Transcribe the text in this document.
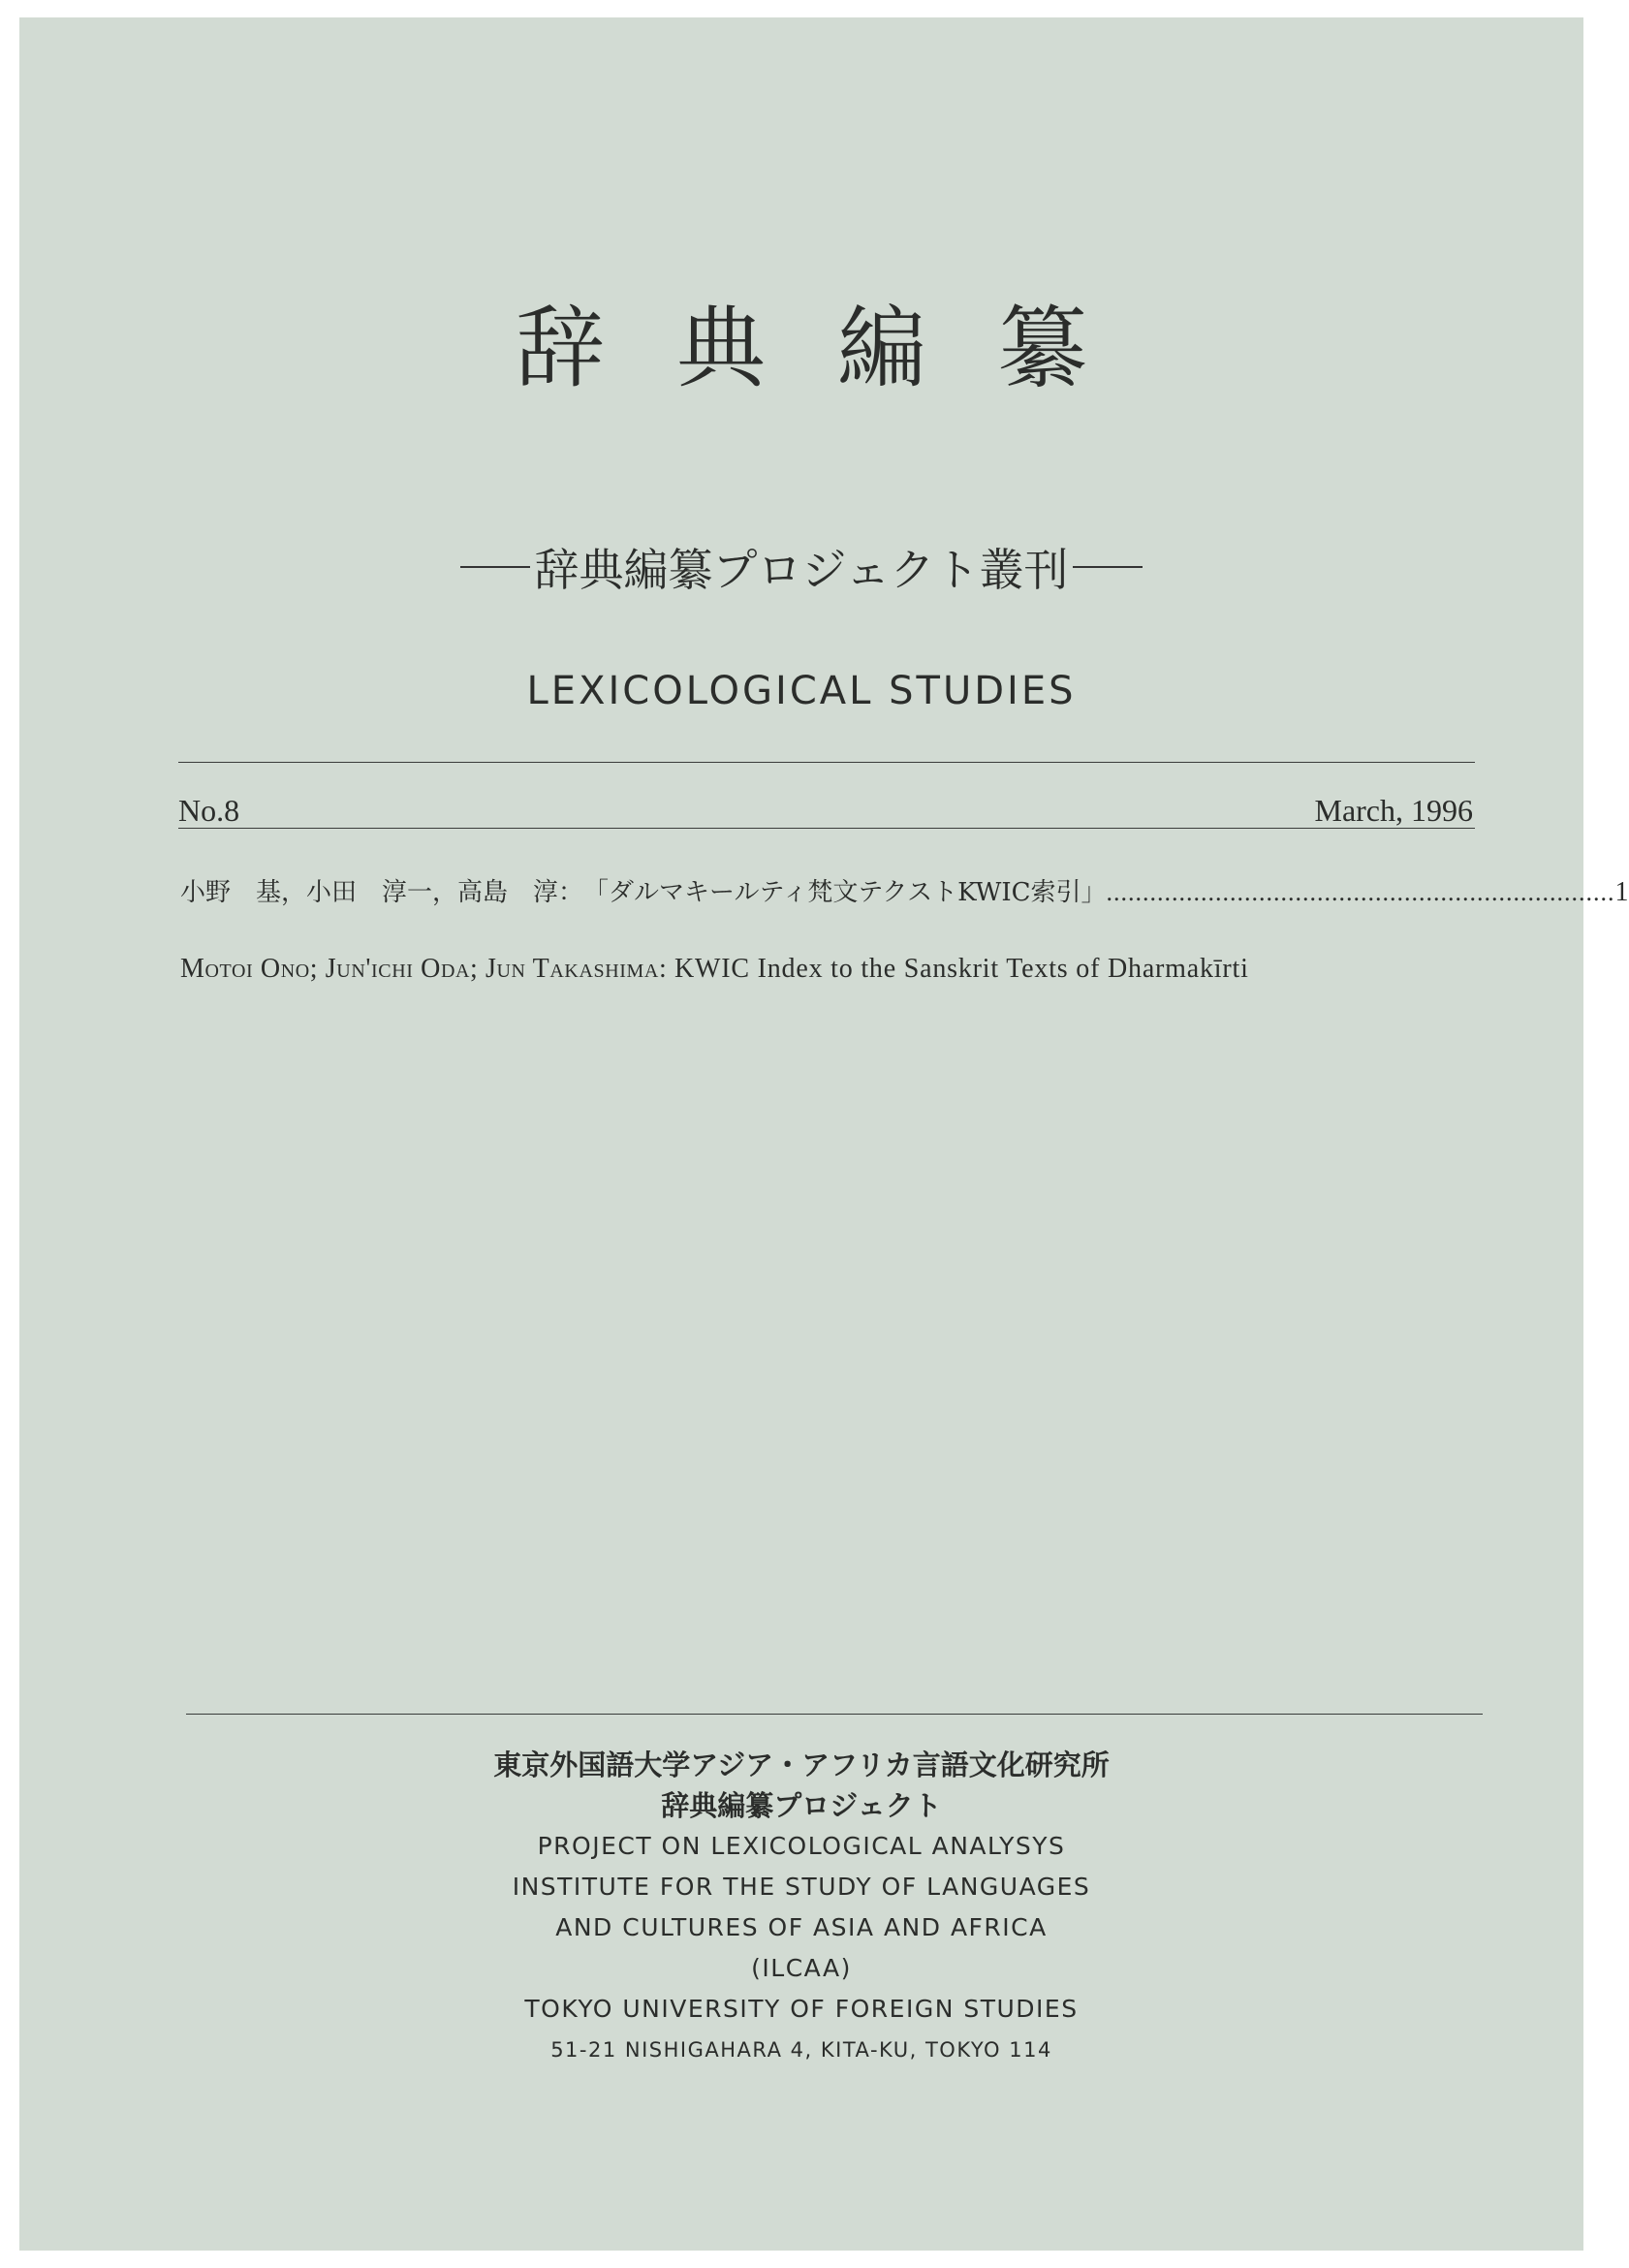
辞典編纂
辞典編纂プロジェクト叢刊
LEXICOLOGICAL STUDIES
No.8	March, 1996
小野　基，小田　淳一，高島　淳： 「ダルマキールティ梵文テクストKWIC索引」 ...................................................................... 1
Motoi Ono; Jun'ichi Oda; Jun Takashima: KWIC Index to the Sanskrit Texts of Dharmakīrti
東京外国語大学アジア・アフリカ言語文化研究所
辞典編纂プロジェクト
PROJECT ON LEXICOLOGICAL ANALYSYS
INSTITUTE FOR THE STUDY OF LANGUAGES
AND CULTURES OF ASIA AND AFRICA
(ILCAA)
TOKYO UNIVERSITY OF FOREIGN STUDIES
51-21 NISHIGAHARA 4, KITA-KU, TOKYO 114
